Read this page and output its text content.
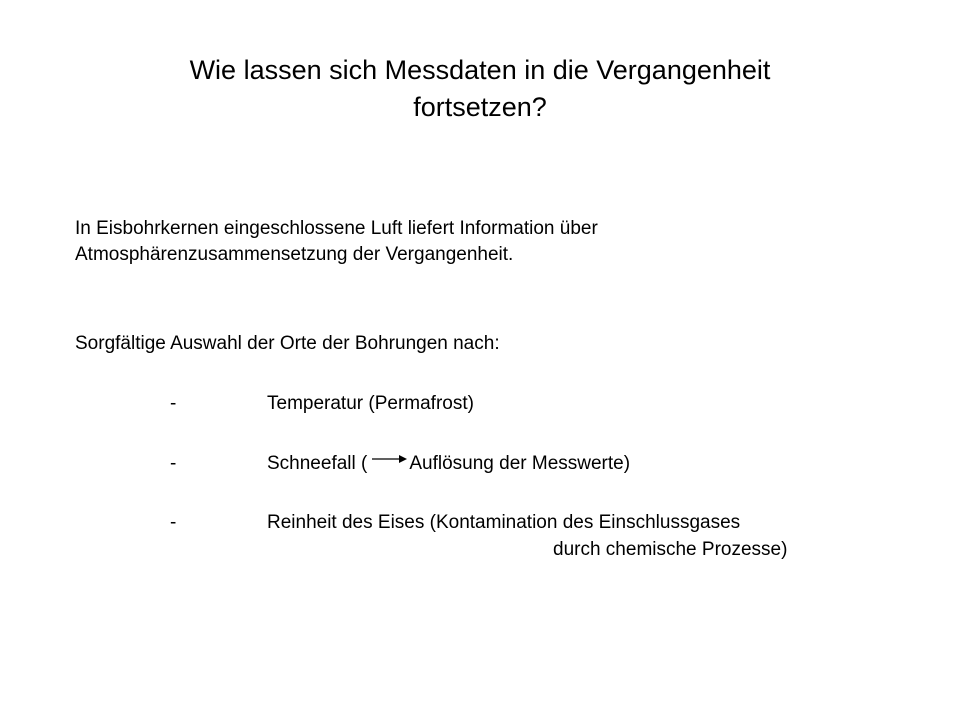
Wie lassen sich Messdaten in die Vergangenheit
fortsetzen?

In Eisbohrkernen eingeschlossene Luft liefert Information über
Atmosphärenzusammensetzung der Vergangenheit.

Sorgfältige Auswahl der Orte der Bohrungen nach:

-	Temperatur (Permafrost)
-	Schneefall ( Auflösung der Messwerte)
-	Reinheit des Eises (Kontamination des Einschlussgases
durch chemische Prozesse)
